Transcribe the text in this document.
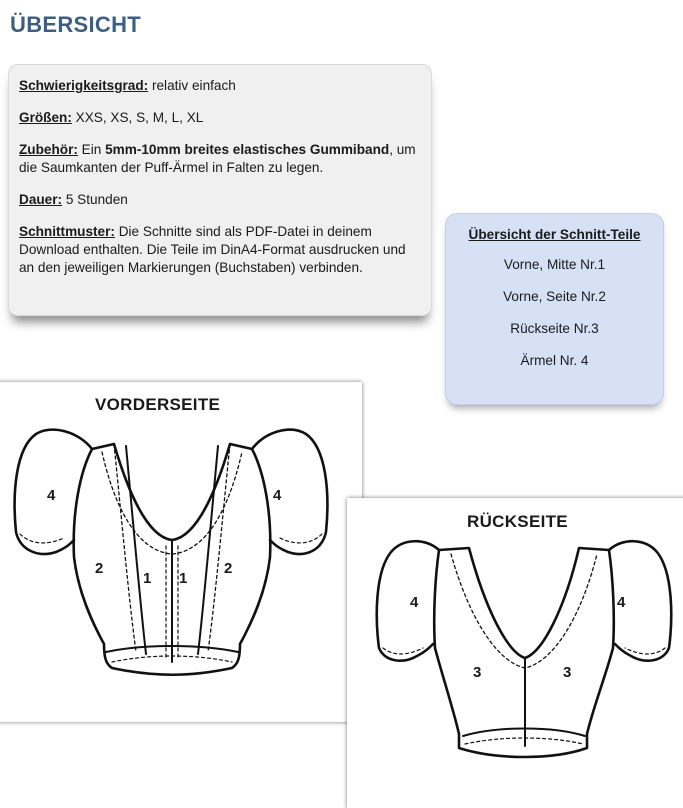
ÜBERSICHT

Schwierigkeitsgrad: relativ einfach

Größen: XXS, XS, S, M, L, XL

Zubehör: Ein 5mm-10mm breites elastisches Gummiband, um die Saumkanten der Puff-Ärmel in Falten zu legen.

Dauer: 5 Stunden

Schnittmuster: Die Schnitte sind als PDF-Datei in deinem Download enthalten. Die Teile im DinA4-Format ausdrucken und an den jeweiligen Markierungen (Buchstaben) verbinden.

Übersicht der Schnitt-Teile
Vorne, Mitte Nr.1
Vorne, Seite Nr.2
Rückseite Nr.3
Ärmel Nr. 4
VORDERSEITE
4	4
2	2
1 1
RÜCKSEITE
4	4
3	3
